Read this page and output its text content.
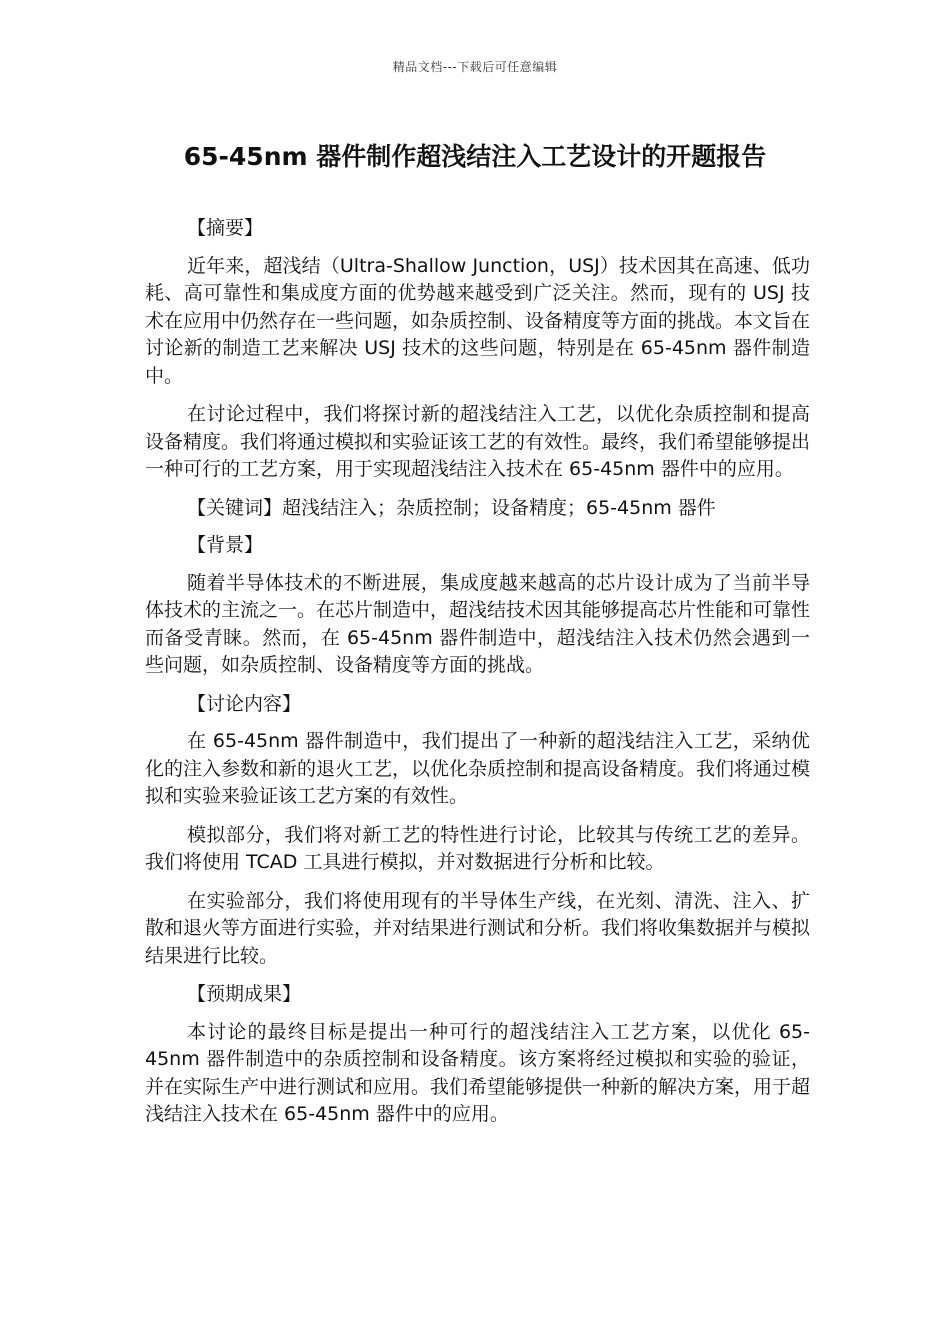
精品文档---下载后可任意编辑
65-45nm 器件制作超浅结注入工艺设计的开题报告

【摘要】

近年来，超浅结（Ultra-Shallow Junction，USJ）技术因其在高速、低功耗、高可靠性和集成度方面的优势越来越受到广泛关注。然而，现有的 USJ 技术在应用中仍然存在一些问题，如杂质控制、设备精度等方面的挑战。本文旨在讨论新的制造工艺来解决 USJ 技术的这些问题，特别是在 65-45nm 器件制造中。

在讨论过程中，我们将探讨新的超浅结注入工艺，以优化杂质控制和提高设备精度。我们将通过模拟和实验证该工艺的有效性。最终，我们希望能够提出一种可行的工艺方案，用于实现超浅结注入技术在 65-45nm 器件中的应用。

【关键词】超浅结注入；杂质控制；设备精度；65-45nm 器件

【背景】

随着半导体技术的不断进展，集成度越来越高的芯片设计成为了当前半导体技术的主流之一。在芯片制造中，超浅结技术因其能够提高芯片性能和可靠性而备受青睐。然而，在 65-45nm 器件制造中，超浅结注入技术仍然会遇到一些问题，如杂质控制、设备精度等方面的挑战。

【讨论内容】

在 65-45nm 器件制造中，我们提出了一种新的超浅结注入工艺，采纳优化的注入参数和新的退火工艺，以优化杂质控制和提高设备精度。我们将通过模拟和实验来验证该工艺方案的有效性。

模拟部分，我们将对新工艺的特性进行讨论，比较其与传统工艺的差异。我们将使用 TCAD 工具进行模拟，并对数据进行分析和比较。

在实验部分，我们将使用现有的半导体生产线，在光刻、清洗、注入、扩散和退火等方面进行实验，并对结果进行测试和分析。我们将收集数据并与模拟结果进行比较。

【预期成果】

本讨论的最终目标是提出一种可行的超浅结注入工艺方案，以优化 65-45nm 器件制造中的杂质控制和设备精度。该方案将经过模拟和实验的验证，并在实际生产中进行测试和应用。我们希望能够提供一种新的解决方案，用于超浅结注入技术在 65-45nm 器件中的应用。
